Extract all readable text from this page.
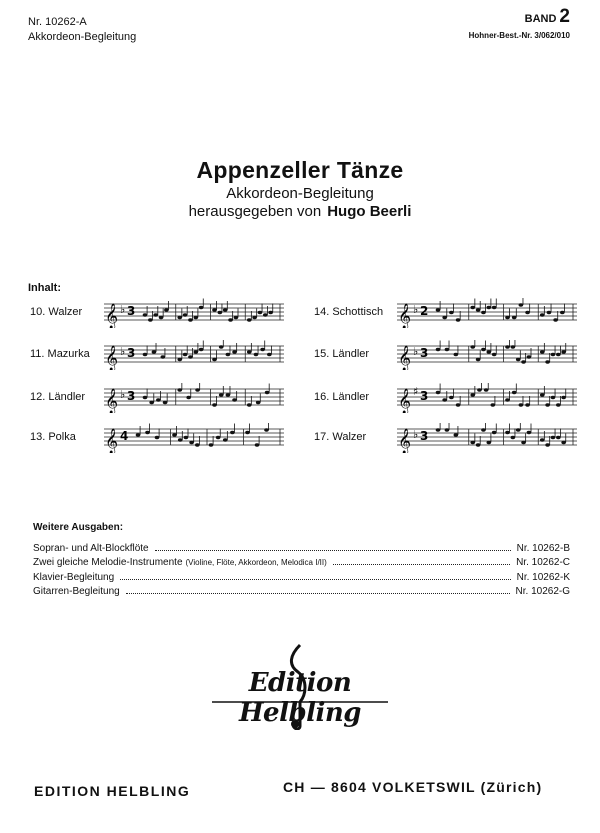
Nr. 10262-A
Akkordeon-Begleitung
BAND 2
Hohner-Best.-Nr. 3/062/010
Appenzeller Tänze
Akkordeon-Begleitung
herausgegeben von Hugo Beerli
Inhalt:
10. Walzer 𝄞 ♭ 3
11. Mazurka 𝄞 ♭ 3
12. Ländler 𝄞 ♭ 3
13. Polka 𝄞 4
14. Schottisch 𝄞 ♭ 2
15. Ländler 𝄞 ♭ 3
16. Ländler 𝄞 ♯ 3
17. Walzer 𝄞 ♭ 3
Weitere Ausgaben:
Sopran- und Alt-Blockflöte	Nr. 10262-B
Zwei gleiche Melodie-Instrumente (Violine, Flöte, Akkordeon, Melodica I/II)	Nr. 10262-C
Klavier-Begleitung	Nr. 10262-K
Gitarren-Begleitung	Nr. 10262-G
Edition Helbling
EDITION HELBLING	CH — 8604 VOLKETSWIL (Zürich)
